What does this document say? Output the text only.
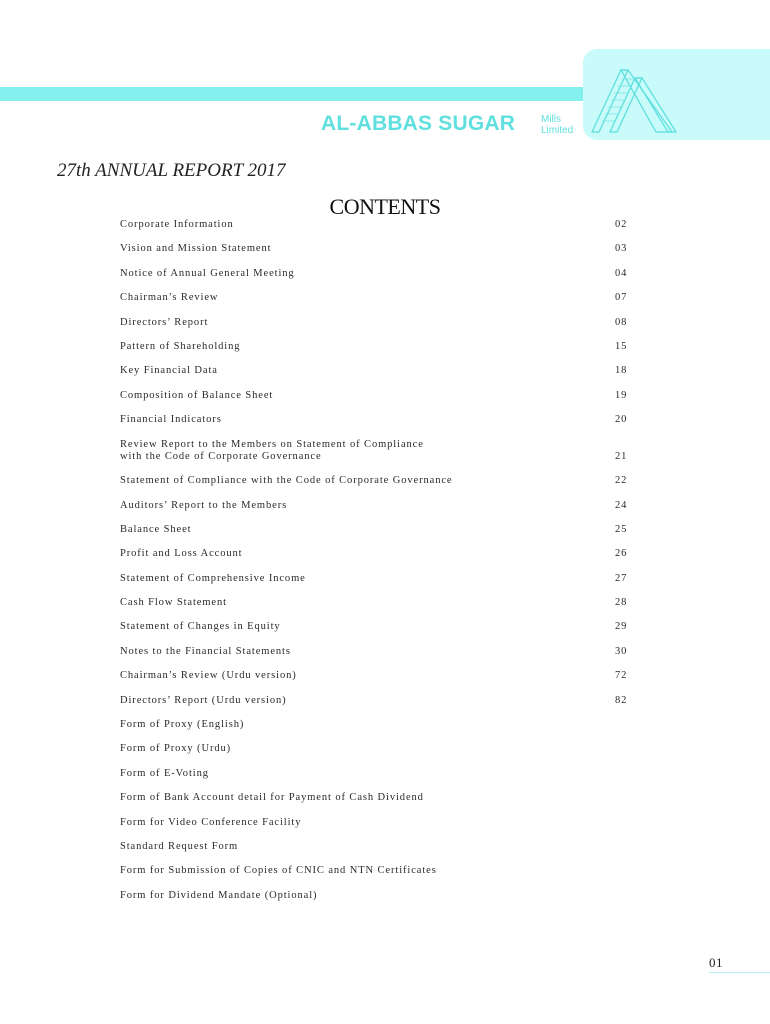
AL-ABBAS SUGAR	Mills
Limited
27th ANNUAL REPORT 2017
CONTENTS
Corporate Information	02
Vision and Mission Statement	03
Notice of Annual General Meeting	04
Chairman’s Review	07
Directors’ Report	08
Pattern of Shareholding	15
Key Financial Data	18
Composition of Balance Sheet	19
Financial Indicators	20
Review Report to the Members on Statement of Compliance
with the Code of Corporate Governance	21
Statement of Compliance with the Code of Corporate Governance	22
Auditors’ Report to the Members	24
Balance Sheet	25
Profit and Loss Account	26
Statement of Comprehensive Income	27
Cash Flow Statement	28
Statement of Changes in Equity	29
Notes to the Financial Statements	30
Chairman’s Review (Urdu version)	72
Directors’ Report (Urdu version)	82
Form of Proxy (English)
Form of Proxy (Urdu)
Form of E-Voting
Form of Bank Account detail for Payment of Cash Dividend
Form for Video Conference Facility
Standard Request Form
Form for Submission of Copies of CNIC and NTN Certificates
Form for Dividend Mandate (Optional)
01
